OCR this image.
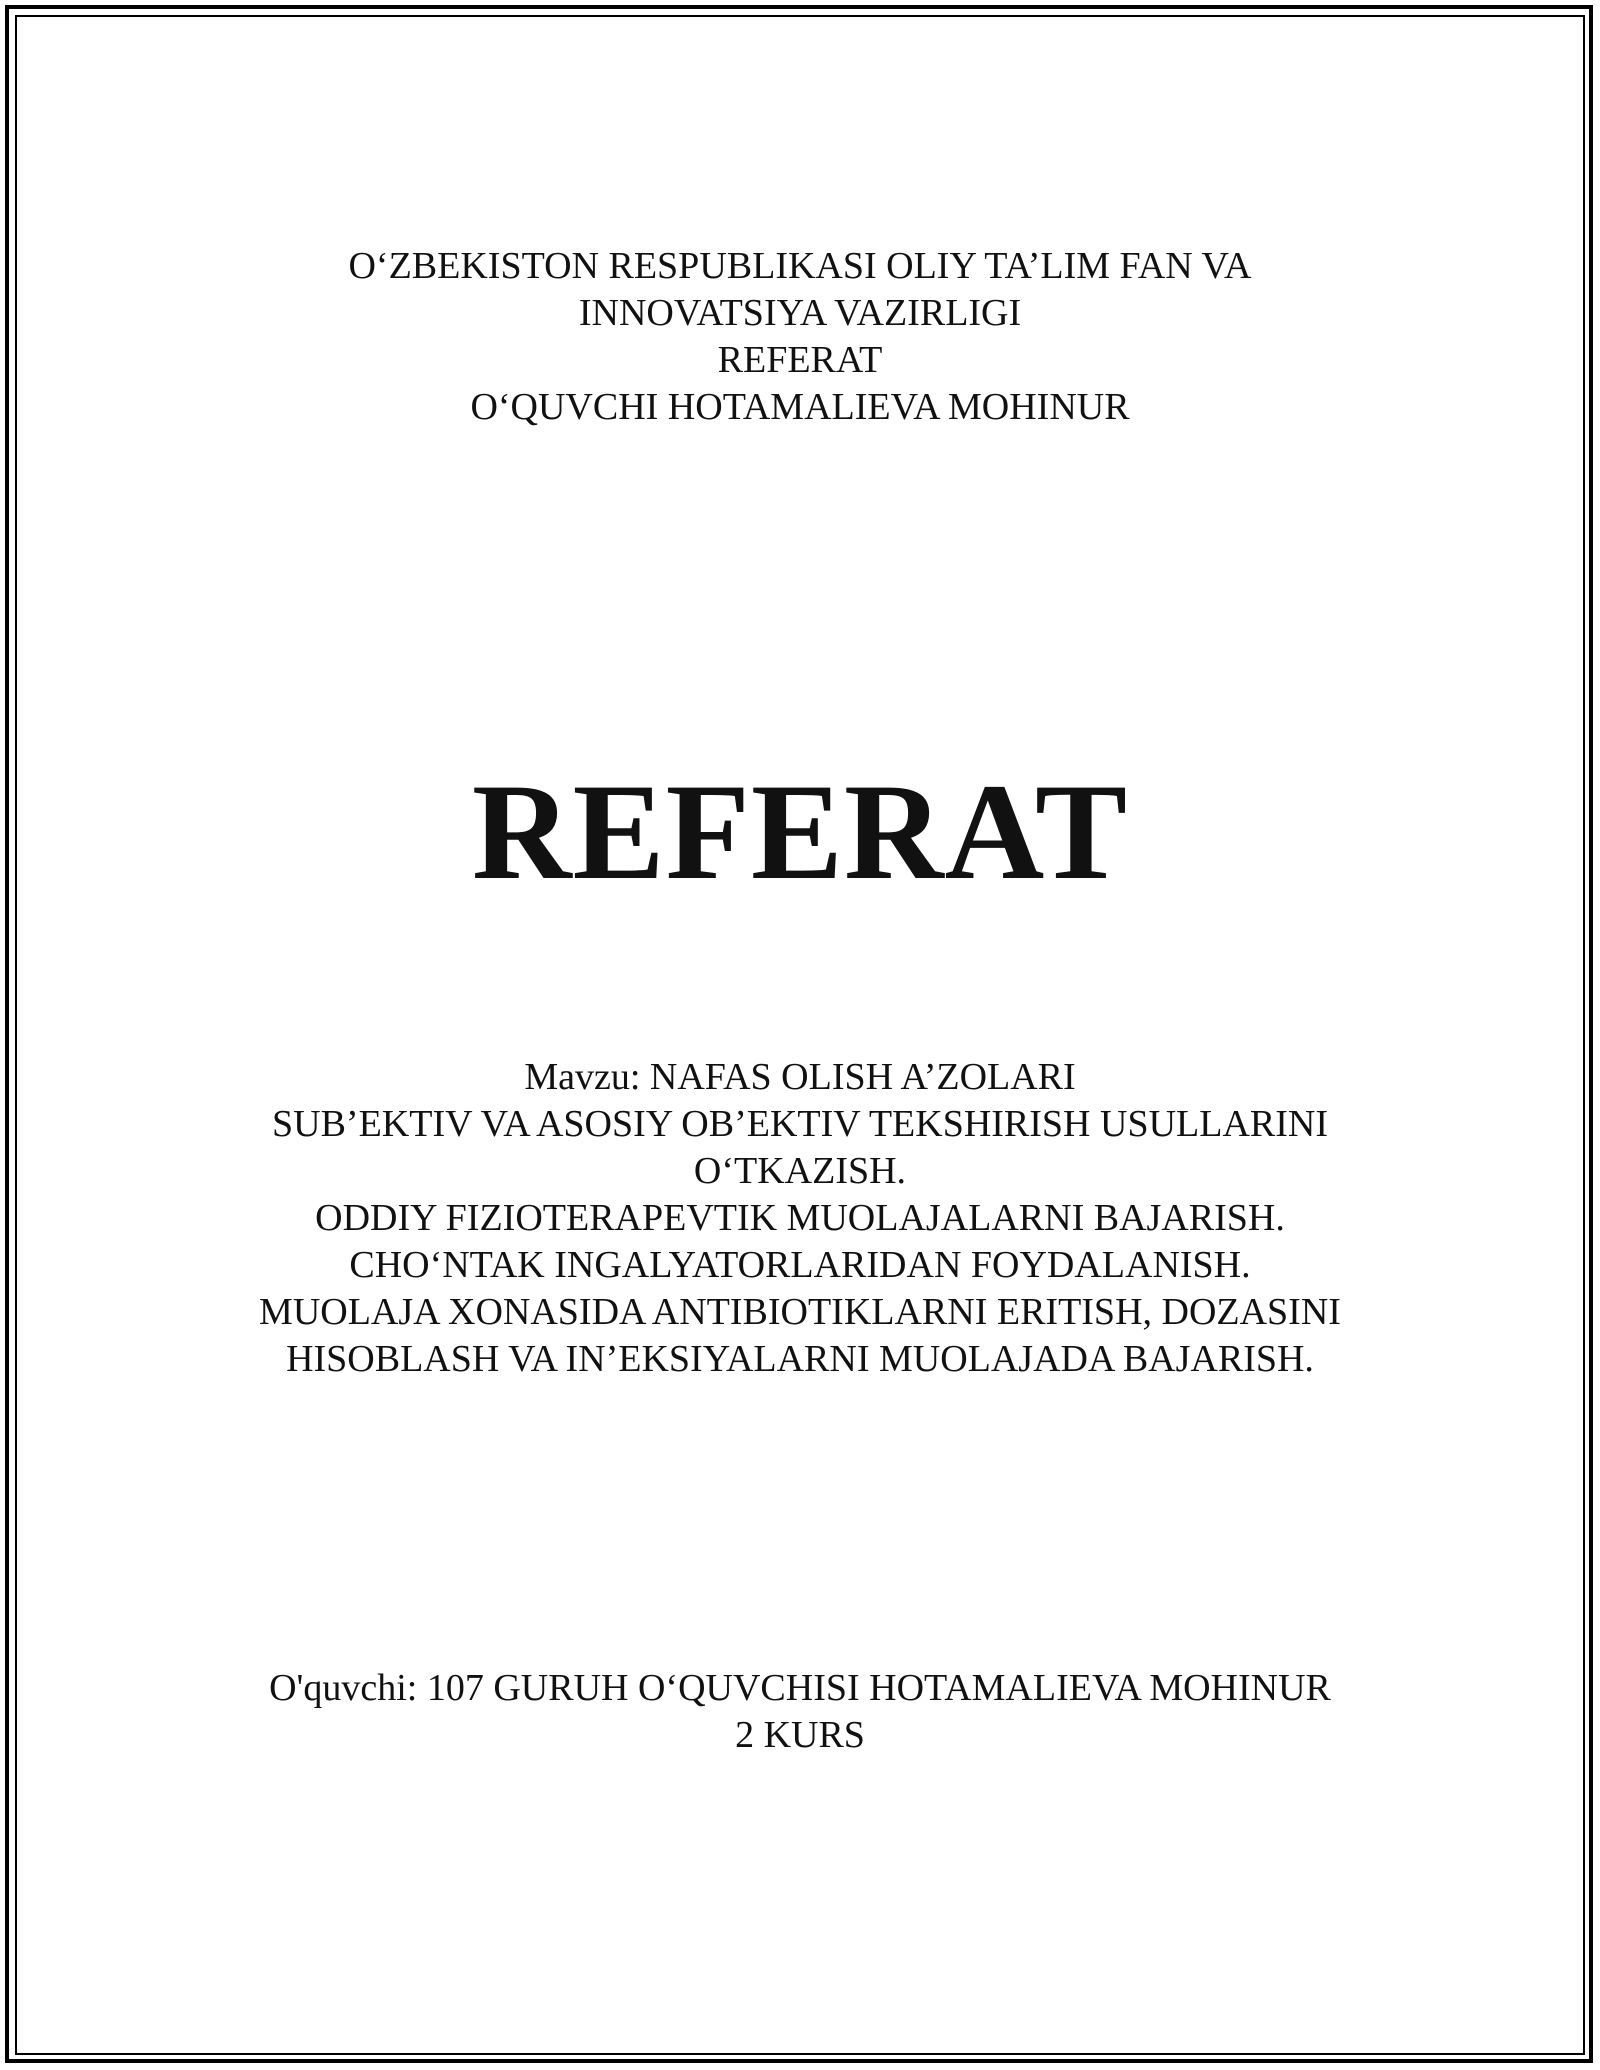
O‘ZBEKISTON RESPUBLIKASI OLIY TA’LIM FAN VA
INNOVATSIYA VAZIRLIGI
REFERAT
O‘QUVCHI HOTAMALIEVA MOHINUR
REFERAT
Mavzu: NAFAS OLISH A’ZOLARI
SUB’EKTIV VA ASOSIY OB’EKTIV TEKSHIRISH USULLARINI
O‘TKAZISH.
ODDIY FIZIOTERAPEVTIK MUOLAJALARNI BAJARISH.
CHO‘NTAK INGALYATORLARIDAN FOYDALANISH.
MUOLAJA XONASIDA ANTIBIOTIKLARNI ERITISH, DOZASINI
HISOBLASH VA IN’EKSIYALARNI MUOLAJADA BAJARISH.
O'quvchi: 107 GURUH O‘QUVCHISI HOTAMALIEVA MOHINUR
2 KURS
